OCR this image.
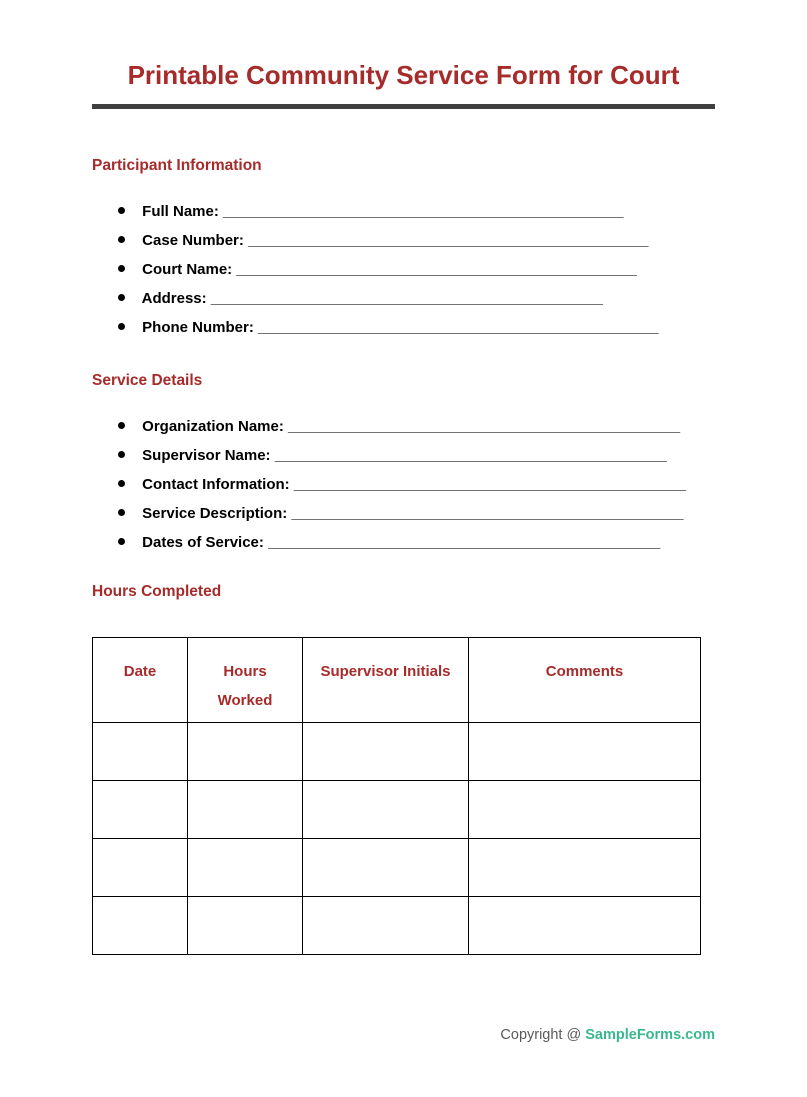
Printable Community Service Form for Court
Participant Information
Full Name: ________________________________________________
Case Number: ________________________________________________
Court Name: ________________________________________________
Address: _______________________________________________
Phone Number: ________________________________________________
Service Details
Organization Name: _______________________________________________
Supervisor Name: _______________________________________________
Contact Information: _______________________________________________
Service Description: _______________________________________________
Dates of Service: _______________________________________________
Hours Completed
Date	Hours Worked	Supervisor Initials	Comments

Copyright @ SampleForms.com
